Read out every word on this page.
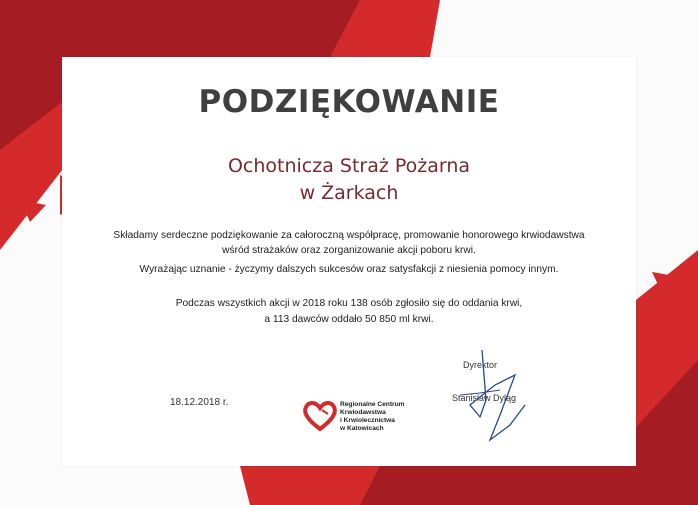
PODZIĘKOWANIE
Ochotnicza Straż Pożarna
w Żarkach
Składamy serdeczne podziękowanie za całoroczną współpracę, promowanie honorowego krwiodawstwa
wśród strażaków oraz zorganizowanie akcji poboru krwi.
Wyrażając uznanie - życzymy dalszych sukcesów oraz satysfakcji z niesienia pomocy innym.
Podczas wszystkich akcji w 2018 roku 138 osób zgłosiło się do oddania krwi,
a 113 dawców oddało 50 850 ml krwi.
18.12.2018 r.	Regionalne Centrum
Krwiodawstwa
i Krwiolecznictwa
w Katowicach
Dyrektor
Stanisław Dyląg
